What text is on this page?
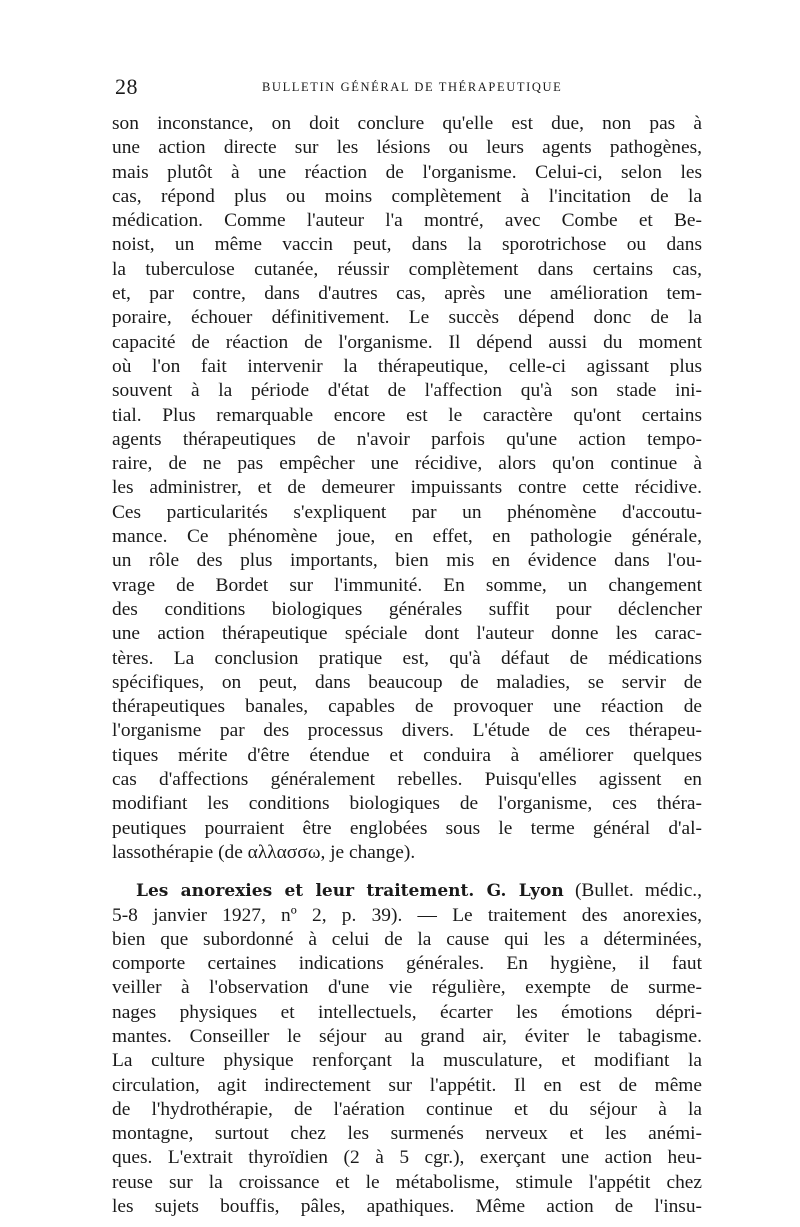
28	BULLETIN GÉNÉRAL DE THÉRAPEUTIQUE
son inconstance, on doit conclure qu'elle est due, non pas à
une action directe sur les lésions ou leurs agents pathogènes,
mais plutôt à une réaction de l'organisme. Celui-ci, selon les
cas, répond plus ou moins complètement à l'incitation de la
médication. Comme l'auteur l'a montré, avec Combe et Be-
noist, un même vaccin peut, dans la sporotrichose ou dans
la tuberculose cutanée, réussir complètement dans certains cas,
et, par contre, dans d'autres cas, après une amélioration tem-
poraire, échouer définitivement. Le succès dépend donc de la
capacité de réaction de l'organisme. Il dépend aussi du moment
où l'on fait intervenir la thérapeutique, celle-ci agissant plus
souvent à la période d'état de l'affection qu'à son stade ini-
tial. Plus remarquable encore est le caractère qu'ont certains
agents thérapeutiques de n'avoir parfois qu'une action tempo-
raire, de ne pas empêcher une récidive, alors qu'on continue à
les administrer, et de demeurer impuissants contre cette récidive.
Ces particularités s'expliquent par un phénomène d'accoutu-
mance. Ce phénomène joue, en effet, en pathologie générale,
un rôle des plus importants, bien mis en évidence dans l'ou-
vrage de Bordet sur l'immunité. En somme, un changement
des conditions biologiques générales suffit pour déclencher
une action thérapeutique spéciale dont l'auteur donne les carac-
tères. La conclusion pratique est, qu'à défaut de médications
spécifiques, on peut, dans beaucoup de maladies, se servir de
thérapeutiques banales, capables de provoquer une réaction de
l'organisme par des processus divers. L'étude de ces thérapeu-
tiques mérite d'être étendue et conduira à améliorer quelques
cas d'affections généralement rebelles. Puisqu'elles agissent en
modifiant les conditions biologiques de l'organisme, ces théra-
peutiques pourraient être englobées sous le terme général d'al-
lassothérapie (de αλλασσω, je change).
Les anorexies et leur traitement. G. Lyon (Bullet. médic.,
5-8 janvier 1927, nº 2, p. 39). — Le traitement des anorexies,
bien que subordonné à celui de la cause qui les a déterminées,
comporte certaines indications générales. En hygiène, il faut
veiller à l'observation d'une vie régulière, exempte de surme-
nages physiques et intellectuels, écarter les émotions dépri-
mantes. Conseiller le séjour au grand air, éviter le tabagisme.
La culture physique renforçant la musculature, et modifiant la
circulation, agit indirectement sur l'appétit. Il en est de même
de l'hydrothérapie, de l'aération continue et du séjour à la
montagne, surtout chez les surmenés nerveux et les anémi-
ques. L'extrait thyroïdien (2 à 5 cgr.), exerçant une action heu-
reuse sur la croissance et le métabolisme, stimule l'appétit chez
les sujets bouffis, pâles, apathiques. Même action de l'insu-
